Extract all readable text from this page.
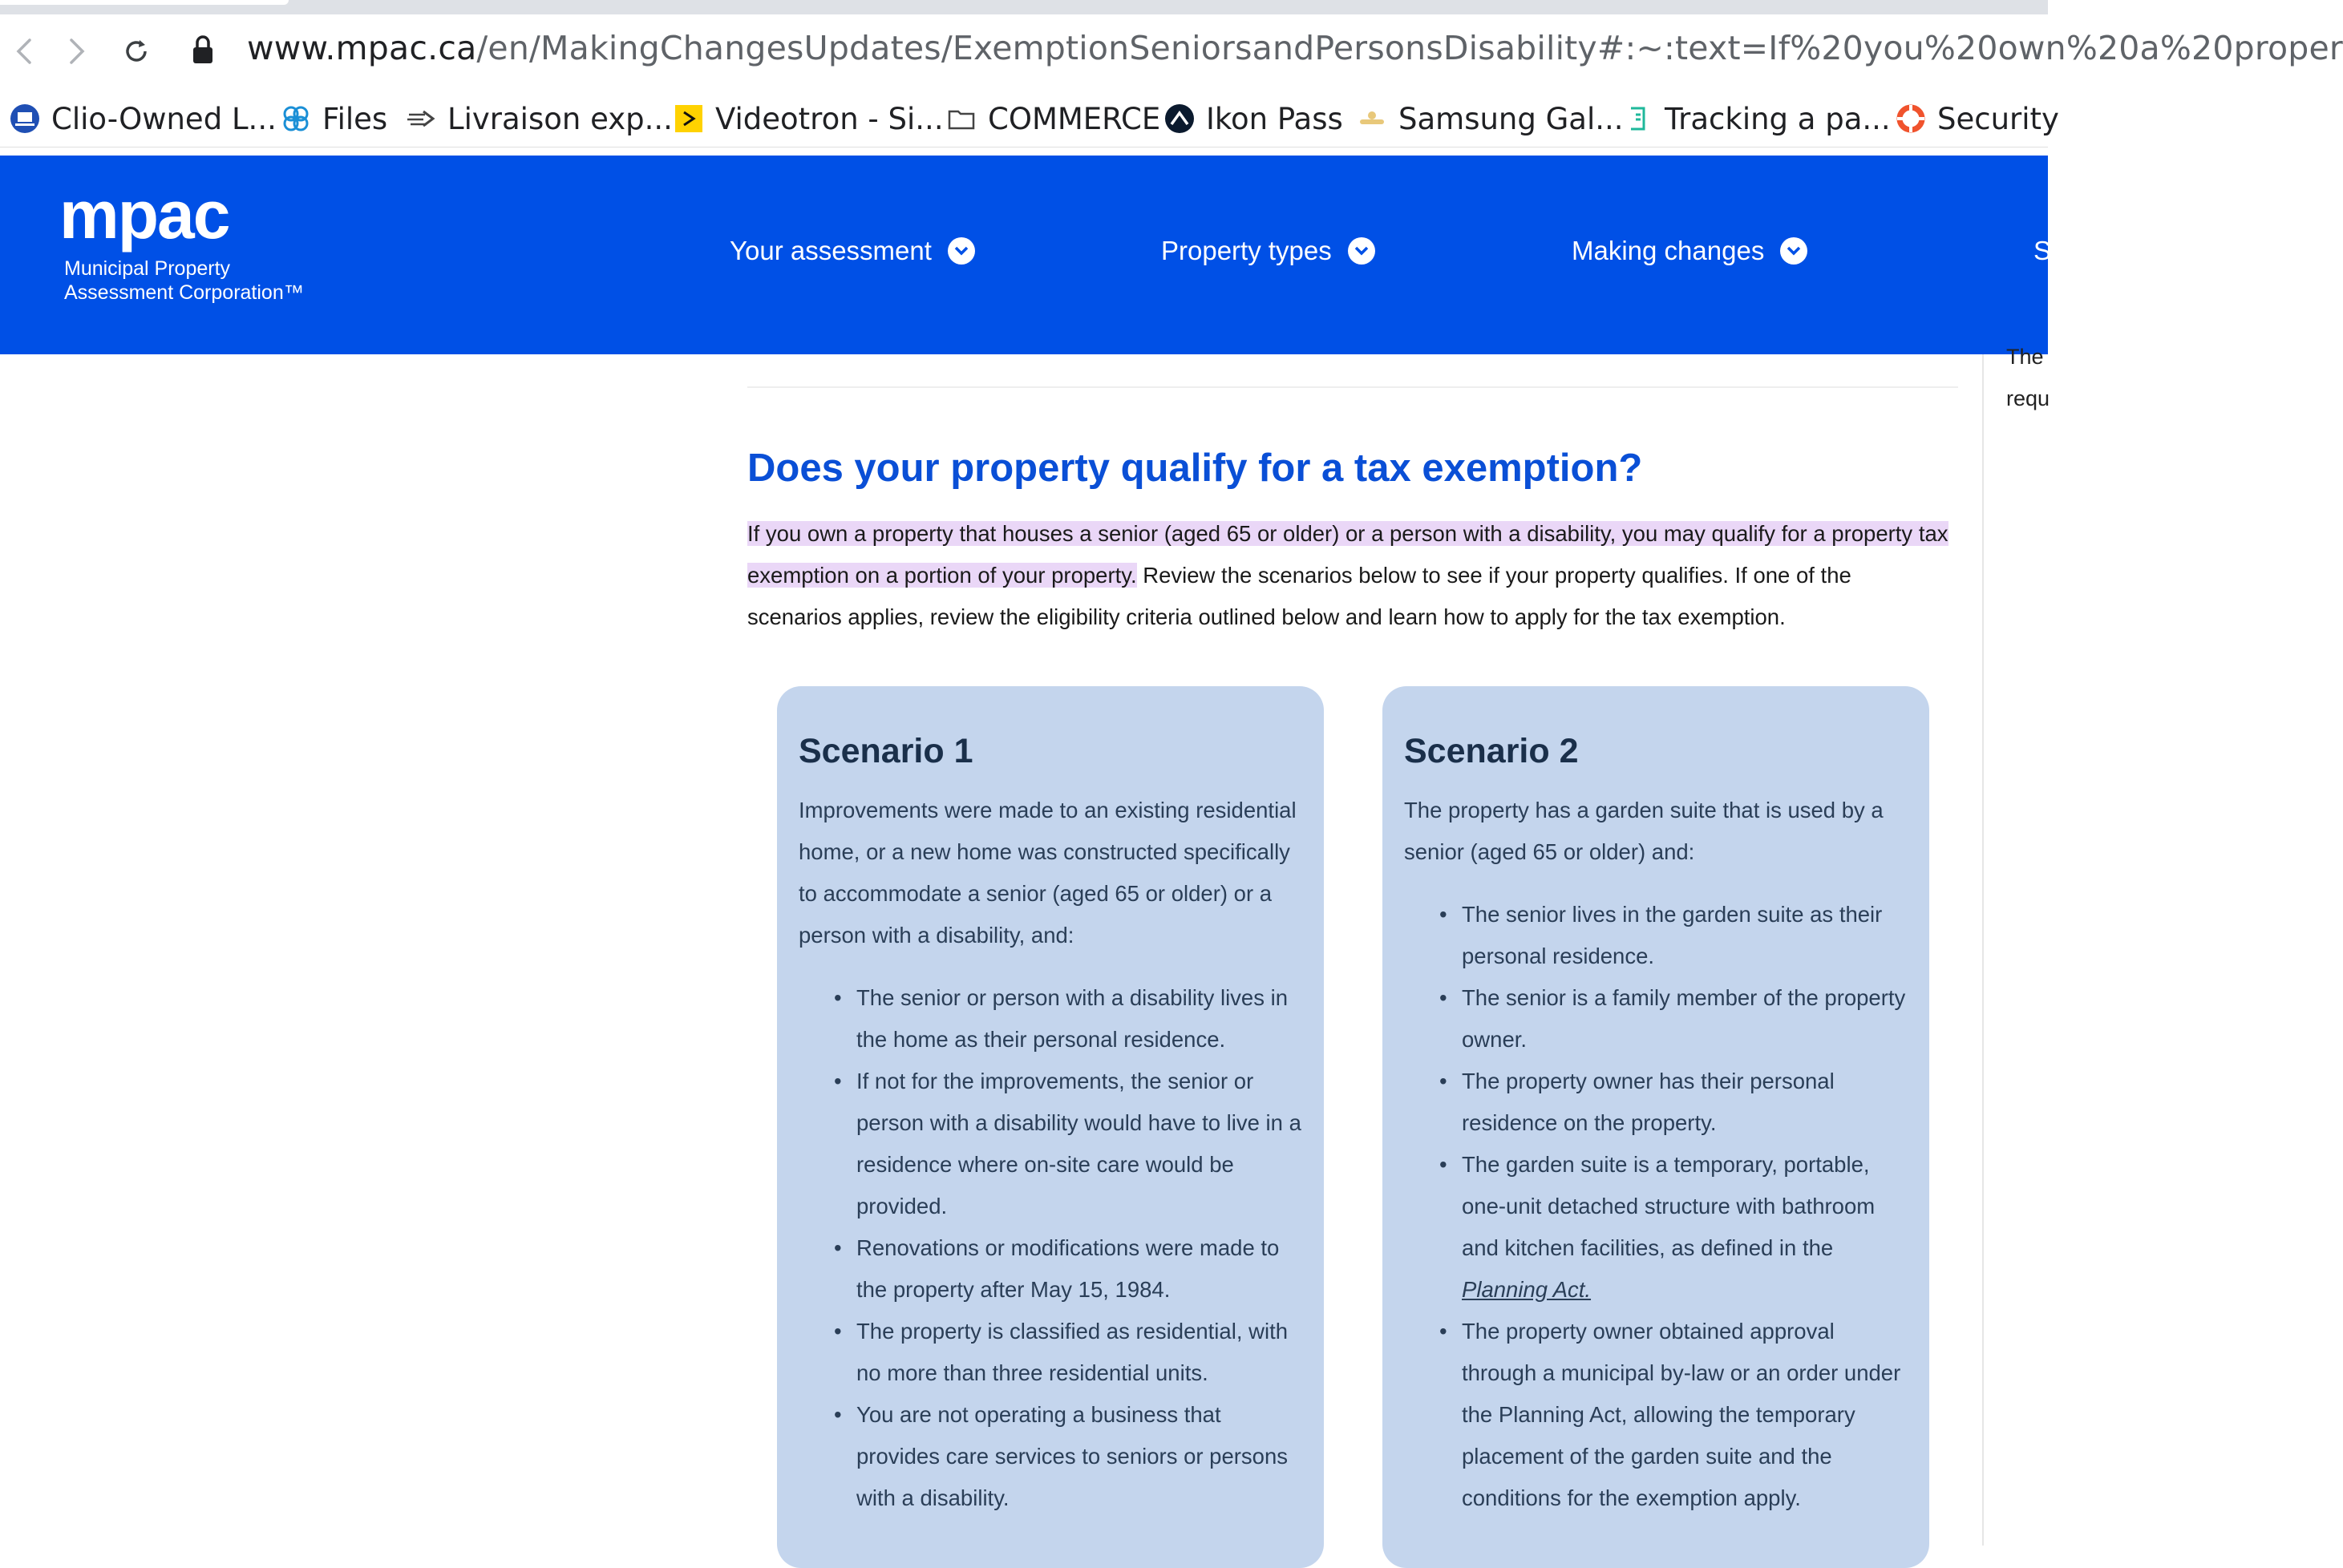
www.mpac.ca/en/MakingChangesUpdates/ExemptionSeniorsandPersonsDisability#:~:text=If%20you%20own%20a%20proper
Clio-Owned L... Files Livraison exp... Videotron - Si... COMMERCE Ikon Pass Samsung Gal... Tracking a pa... Security
mpac
Municipal Property
Assessment Corporation™
Your assessment	Property types	Making changes	S
The
requ
Does your property qualify for a tax exemption?

If you own a property that houses a senior (aged 65 or older) or a person with a disability, you may qualify for a property tax exemption on a portion of your property. Review the scenarios below to see if your property qualifies. If one of the scenarios applies, review the eligibility criteria outlined below and learn how to apply for the tax exemption.

Scenario 1

Improvements were made to an existing residential home, or a new home was constructed specifically to accommodate a senior (aged 65 or older) or a person with a disability, and:

• The senior or person with a disability lives in the home as their personal residence.
• If not for the improvements, the senior or person with a disability would have to live in a residence where on-site care would be provided.
• Renovations or modifications were made to the property after May 15, 1984.
• The property is classified as residential, with no more than three residential units.
• You are not operating a business that provides care services to seniors or persons with a disability.
Scenario 2

The property has a garden suite that is used by a senior (aged 65 or older) and:

• The senior lives in the garden suite as their personal residence.
• The senior is a family member of the property owner.
• The property owner has their personal residence on the property.
• The garden suite is a temporary, portable, one-unit detached structure with bathroom and kitchen facilities, as defined in the Planning Act.
• The property owner obtained approval through a municipal by-law or an order under the Planning Act, allowing the temporary placement of the garden suite and the conditions for the exemption apply.
